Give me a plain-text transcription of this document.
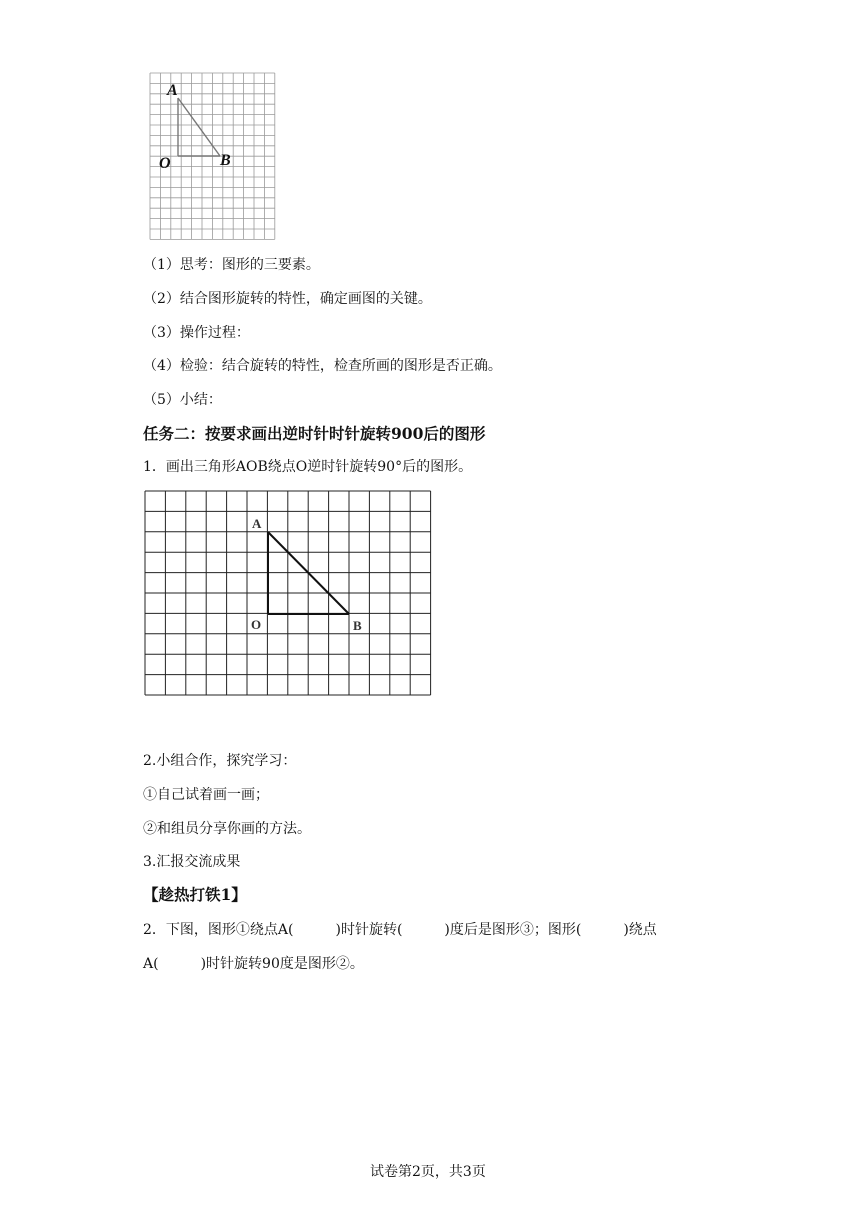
A
O	B
（1）思考：图形的三要素。
（2）结合图形旋转的特性，确定画图的关键。
（3）操作过程：
（4）检验：结合旋转的特性，检查所画的图形是否正确。
（5）小结：
任务二：按要求画出逆时针时针旋转900后的图形
1．画出三角形AOB绕点O逆时针旋转90°后的图形。
A
O	B
2.小组合作，探究学习：
①自己试着画一画；
②和组员分享你画的方法。
3.汇报交流成果
【趁热打铁1】
2．下图，图形①绕点A(　　　)时针旋转(　　　)度后是图形③；图形(　　　)绕点
A(　　　)时针旋转90度是图形②。
试卷第2页，共3页
